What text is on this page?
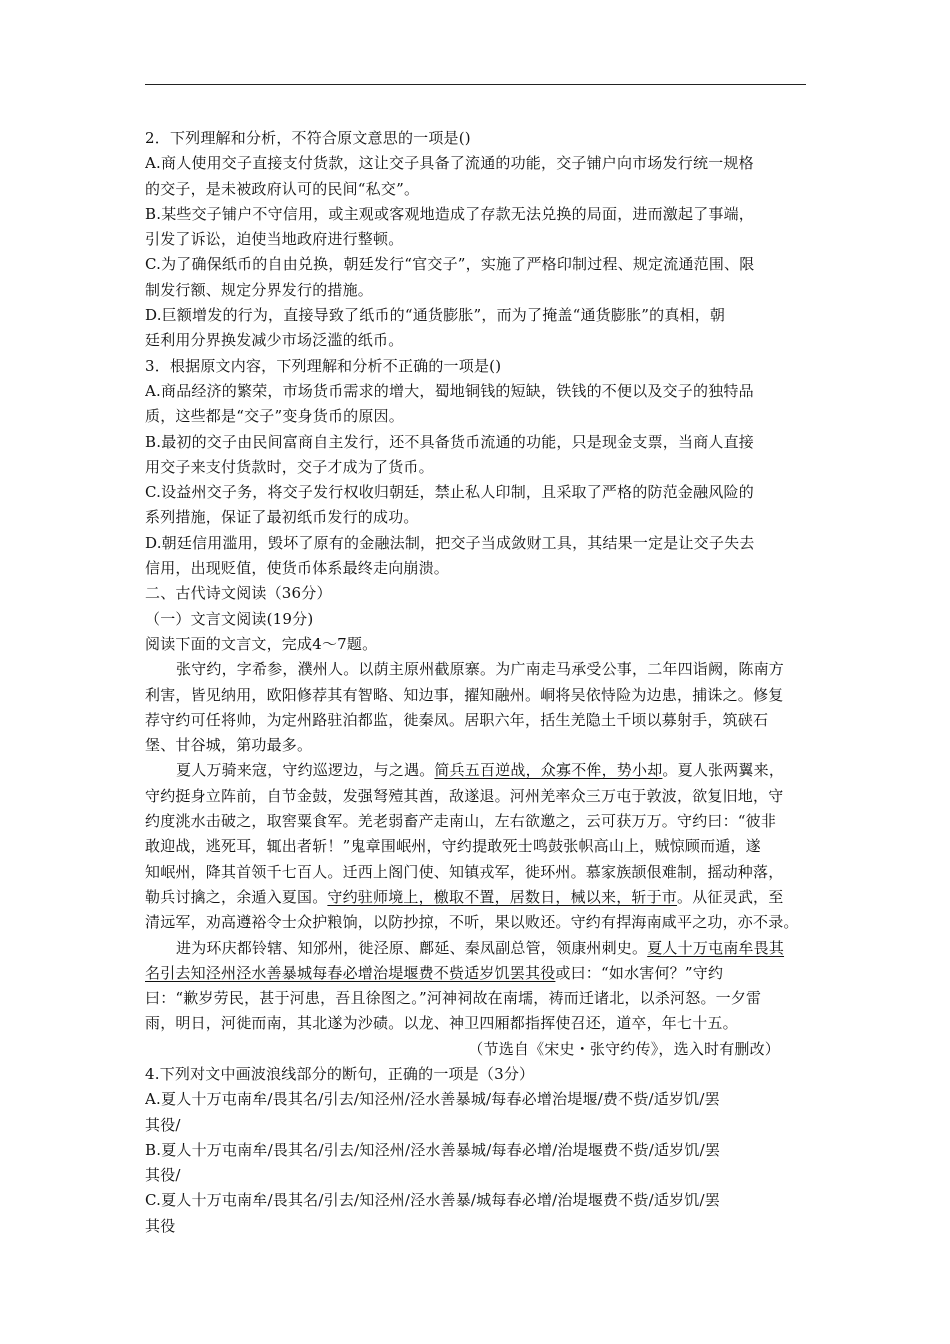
2．下列理解和分析，不符合原文意思的一项是()
A.商人使用交子直接支付货款，这让交子具备了流通的功能，交子铺户向市场发行统一规格
的交子，是未被政府认可的民间“私交”。
B.某些交子铺户不守信用，或主观或客观地造成了存款无法兑换的局面，进而激起了事端，
引发了诉讼，迫使当地政府进行整顿。
C.为了确保纸币的自由兑换，朝廷发行“官交子”，实施了严格印制过程、规定流通范围、限
制发行额、规定分界发行的措施。
D.巨额增发的行为，直接导致了纸币的“通货膨胀”，而为了掩盖“通货膨胀”的真相，朝
廷利用分界换发减少市场泛滥的纸币。
3．根据原文内容，下列理解和分析不正确的一项是()
A.商品经济的繁荣，市场货币需求的增大，蜀地铜钱的短缺，铁钱的不便以及交子的独特品
质，这些都是“交子”变身货币的原因。
B.最初的交子由民间富商自主发行，还不具备货币流通的功能，只是现金支票，当商人直接
用交子来支付货款时，交子才成为了货币。
C.设益州交子务，将交子发行权收归朝廷，禁止私人印制，且采取了严格的防范金融风险的
系列措施，保证了最初纸币发行的成功。
D.朝廷信用滥用，毁坏了原有的金融法制，把交子当成敛财工具，其结果一定是让交子失去
信用，出现贬值，使货币体系最终走向崩溃。
二、古代诗文阅读（36分）
（一）文言文阅读(19分)
阅读下面的文言文，完成4～7题。
张守约，字希参，濮州人。以荫主原州截原寨。为广南走马承受公事，二年四诣阙，陈南方
利害，皆见纳用，欧阳修荐其有智略、知边事，擢知融州。峒将吴依恃险为边患，捕诛之。修复
荐守约可任将帅，为定州路驻泊都监，徙秦凤。居职六年，括生羌隐土千顷以募射手，筑硖石
堡、甘谷城，第功最多。
夏人万骑来寇，守约巡逻边，与之遇。简兵五百逆战，众寡不侔，势小却。夏人张两翼来，
守约挺身立阵前，自节金鼓，发强弩殪其酋，敌遂退。河州羌率众三万屯于敦波，欲复旧地，守
约度洮水击破之，取窖粟食军。羌老弱畜产走南山，左右欲邀之，云可获万万。守约曰：“彼非
敢迎战，逃死耳，辄出者斩！”鬼章围岷州，守约提敢死士鸣鼓张帜高山上，贼惊顾而遁，遂
知岷州，降其首领千七百人。迁西上阁门使、知镇戎军，徙环州。慕家族颉佷难制，摇动种落，
勒兵讨擒之，余遁入夏国。守约驻师境上，檄取不置，居数日，械以来，斩于市。从征灵武，至
清远军，劝高遵裕令士众护粮饷，以防抄掠，不听，果以败还。守约有捍海南咸平之功，亦不录。
进为环庆都铃辖、知邠州，徙泾原、鄜延、秦凤副总管，领康州刺史。夏人十万屯南牟畏其
名引去知泾州泾水善暴城每春必增治堤堰费不赀适岁饥罢其役或曰：“如水害何？”守约
曰：“歉岁劳民，甚于河患，吾且徐图之。”河神祠故在南壖，祷而迁诸北，以杀河怒。一夕雷
雨，明日，河徙而南，其北遂为沙碛。以龙、神卫四厢都指挥使召还，道卒，年七十五。
（节选自《宋史・张守约传》，选入时有删改）
4.下列对文中画波浪线部分的断句，正确的一项是（3分）
A.夏人十万屯南牟/畏其名/引去/知泾州/泾水善暴城/每春必增治堤堰/费不赀/适岁饥/罢
其役/
B.夏人十万屯南牟/畏其名/引去/知泾州/泾水善暴城/每春必增/治堤堰费不赀/适岁饥/罢
其役/
C.夏人十万屯南牟/畏其名/引去/知泾州/泾水善暴/城每春必增/治堤堰费不赀/适岁饥/罢
其役
